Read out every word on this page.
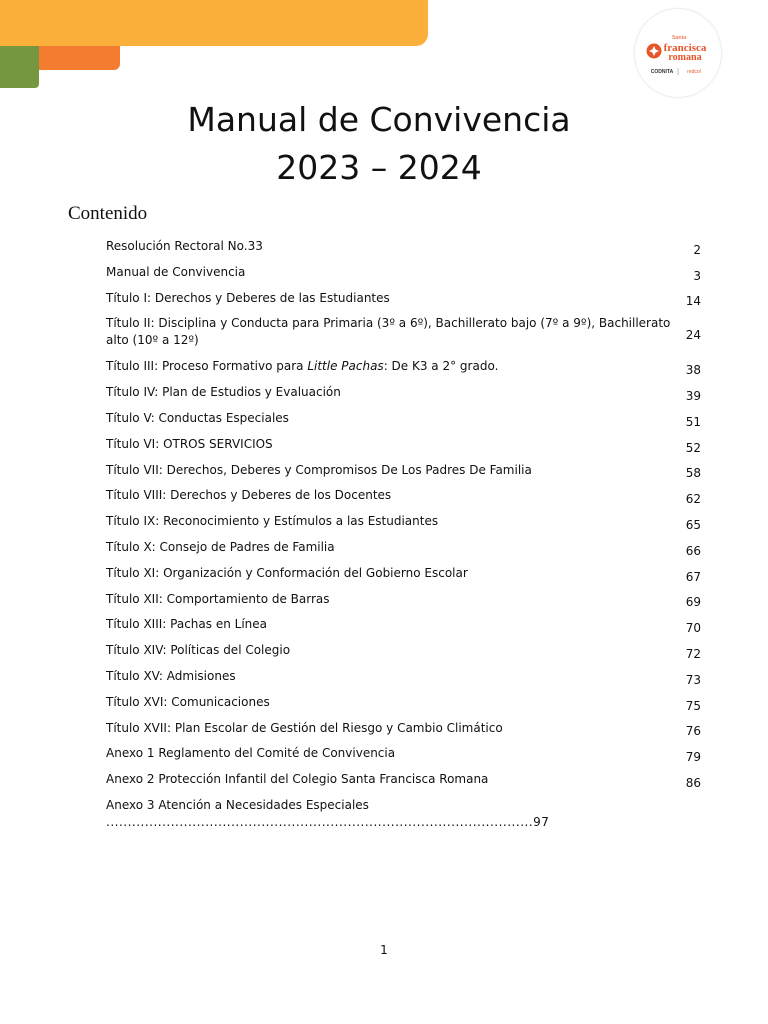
Santa
francisca
romana
CODNITA	redcol
Manual de Convivencia
2023 – 2024
Contenido
Resolución Rectoral No.33	2
Manual de Convivencia	3
Título I: Derechos y Deberes de las Estudiantes	14
Título II: Disciplina y Conducta para Primaria (3º a 6º), Bachillerato bajo (7º a 9º), Bachillerato alto (10º a 12º)	24
Título III: Proceso Formativo para Little Pachas: De K3 a 2° grado.	38
Título IV: Plan de Estudios y Evaluación	39
Título V: Conductas Especiales	51
Título VI: OTROS SERVICIOS	52
Título VII: Derechos, Deberes y Compromisos De Los Padres De Familia	58
Título VIII: Derechos y Deberes de los Docentes	62
Título IX: Reconocimiento y Estímulos a las Estudiantes	65
Título X: Consejo de Padres de Familia	66
Título XI: Organización y Conformación del Gobierno Escolar	67
Título XII: Comportamiento de Barras	69
Título XIII: Pachas en Línea	70
Título XIV: Políticas del Colegio	72
Título XV: Admisiones	73
Título XVI: Comunicaciones	75
Título XVII: Plan Escolar de Gestión del Riesgo y Cambio Climático	76
Anexo 1 Reglamento del Comité de Convivencia	79
Anexo 2 Protección Infantil del Colegio Santa Francisca Romana	86
Anexo 3 Atención a Necesidades Especiales
...................................................................................................97
1
